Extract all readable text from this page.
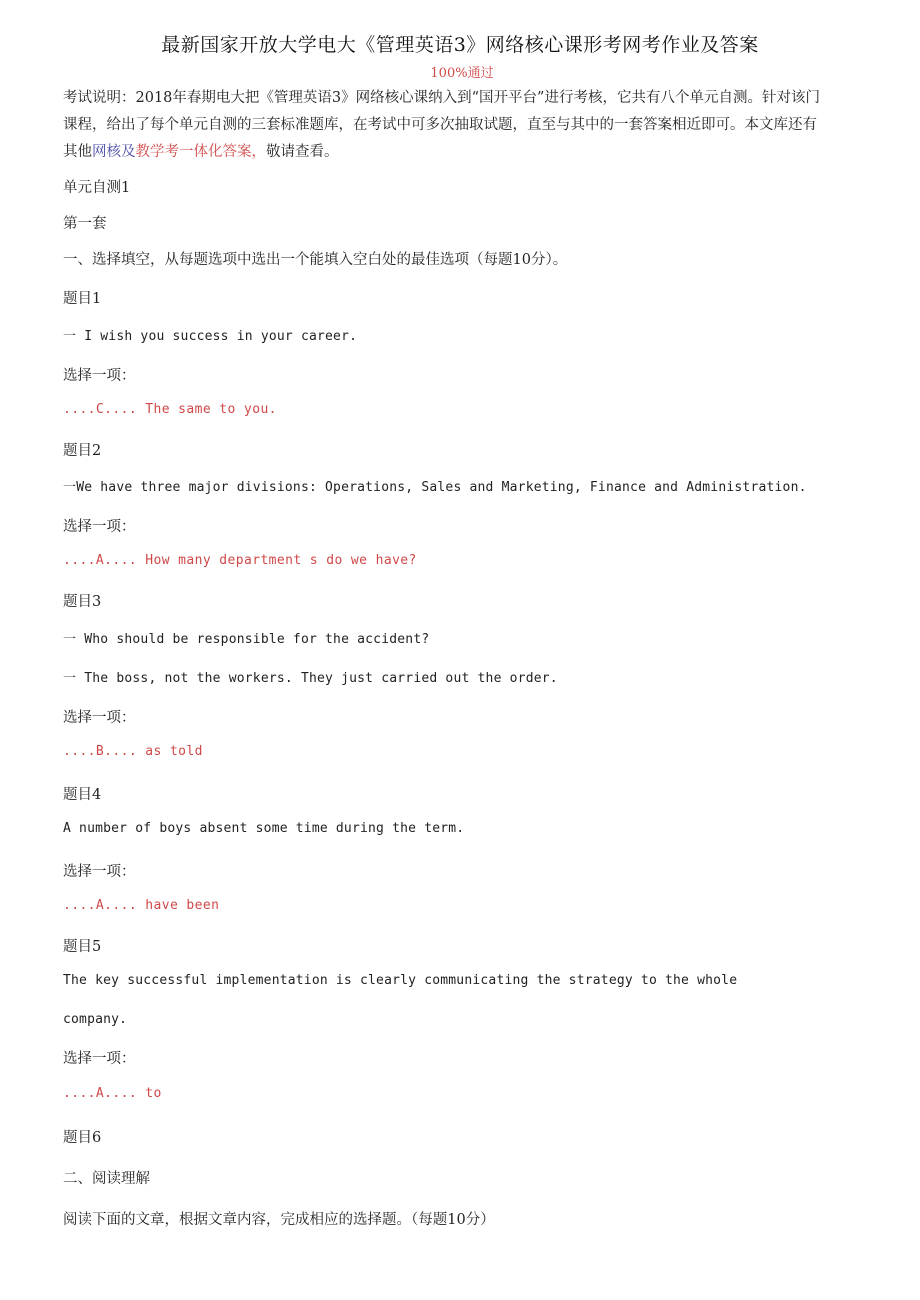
最新国家开放大学电大《管理英语3》网络核心课形考网考作业及答案
100%通过
考试说明：2018年春期电大把《管理英语3》网络核心课纳入到“国开平台”进行考核，它共有八个单元自测。针对该门课程，给出了每个单元自测的三套标准题库，在考试中可多次抽取试题，直至与其中的一套答案相近即可。本文库还有其他网核及教学考一体化答案，敬请查看。
单元自测1
第一套
一、选择填空，从每题选项中选出一个能填入空白处的最佳选项（每题10分）。
题目1
一 I wish you success in your career.
选择一项：
....C.... The same to you.
题目2
一We have three major divisions: Operations, Sales and Marketing, Finance and Administration.
选择一项：
....A.... How many department s do we have?
题目3
一 Who should be responsible for the accident?
一 The boss, not the workers. They just carried out the order.
选择一项：
....B.... as told
题目4
A number of boys absent some time during the term.
选择一项：
....A.... have been
题目5
The key successful implementation is clearly communicating the strategy to the whole
company.
选择一项：
....A.... to
题目6
二、阅读理解
阅读下面的文章，根据文章内容，完成相应的选择题。（每题10分）
